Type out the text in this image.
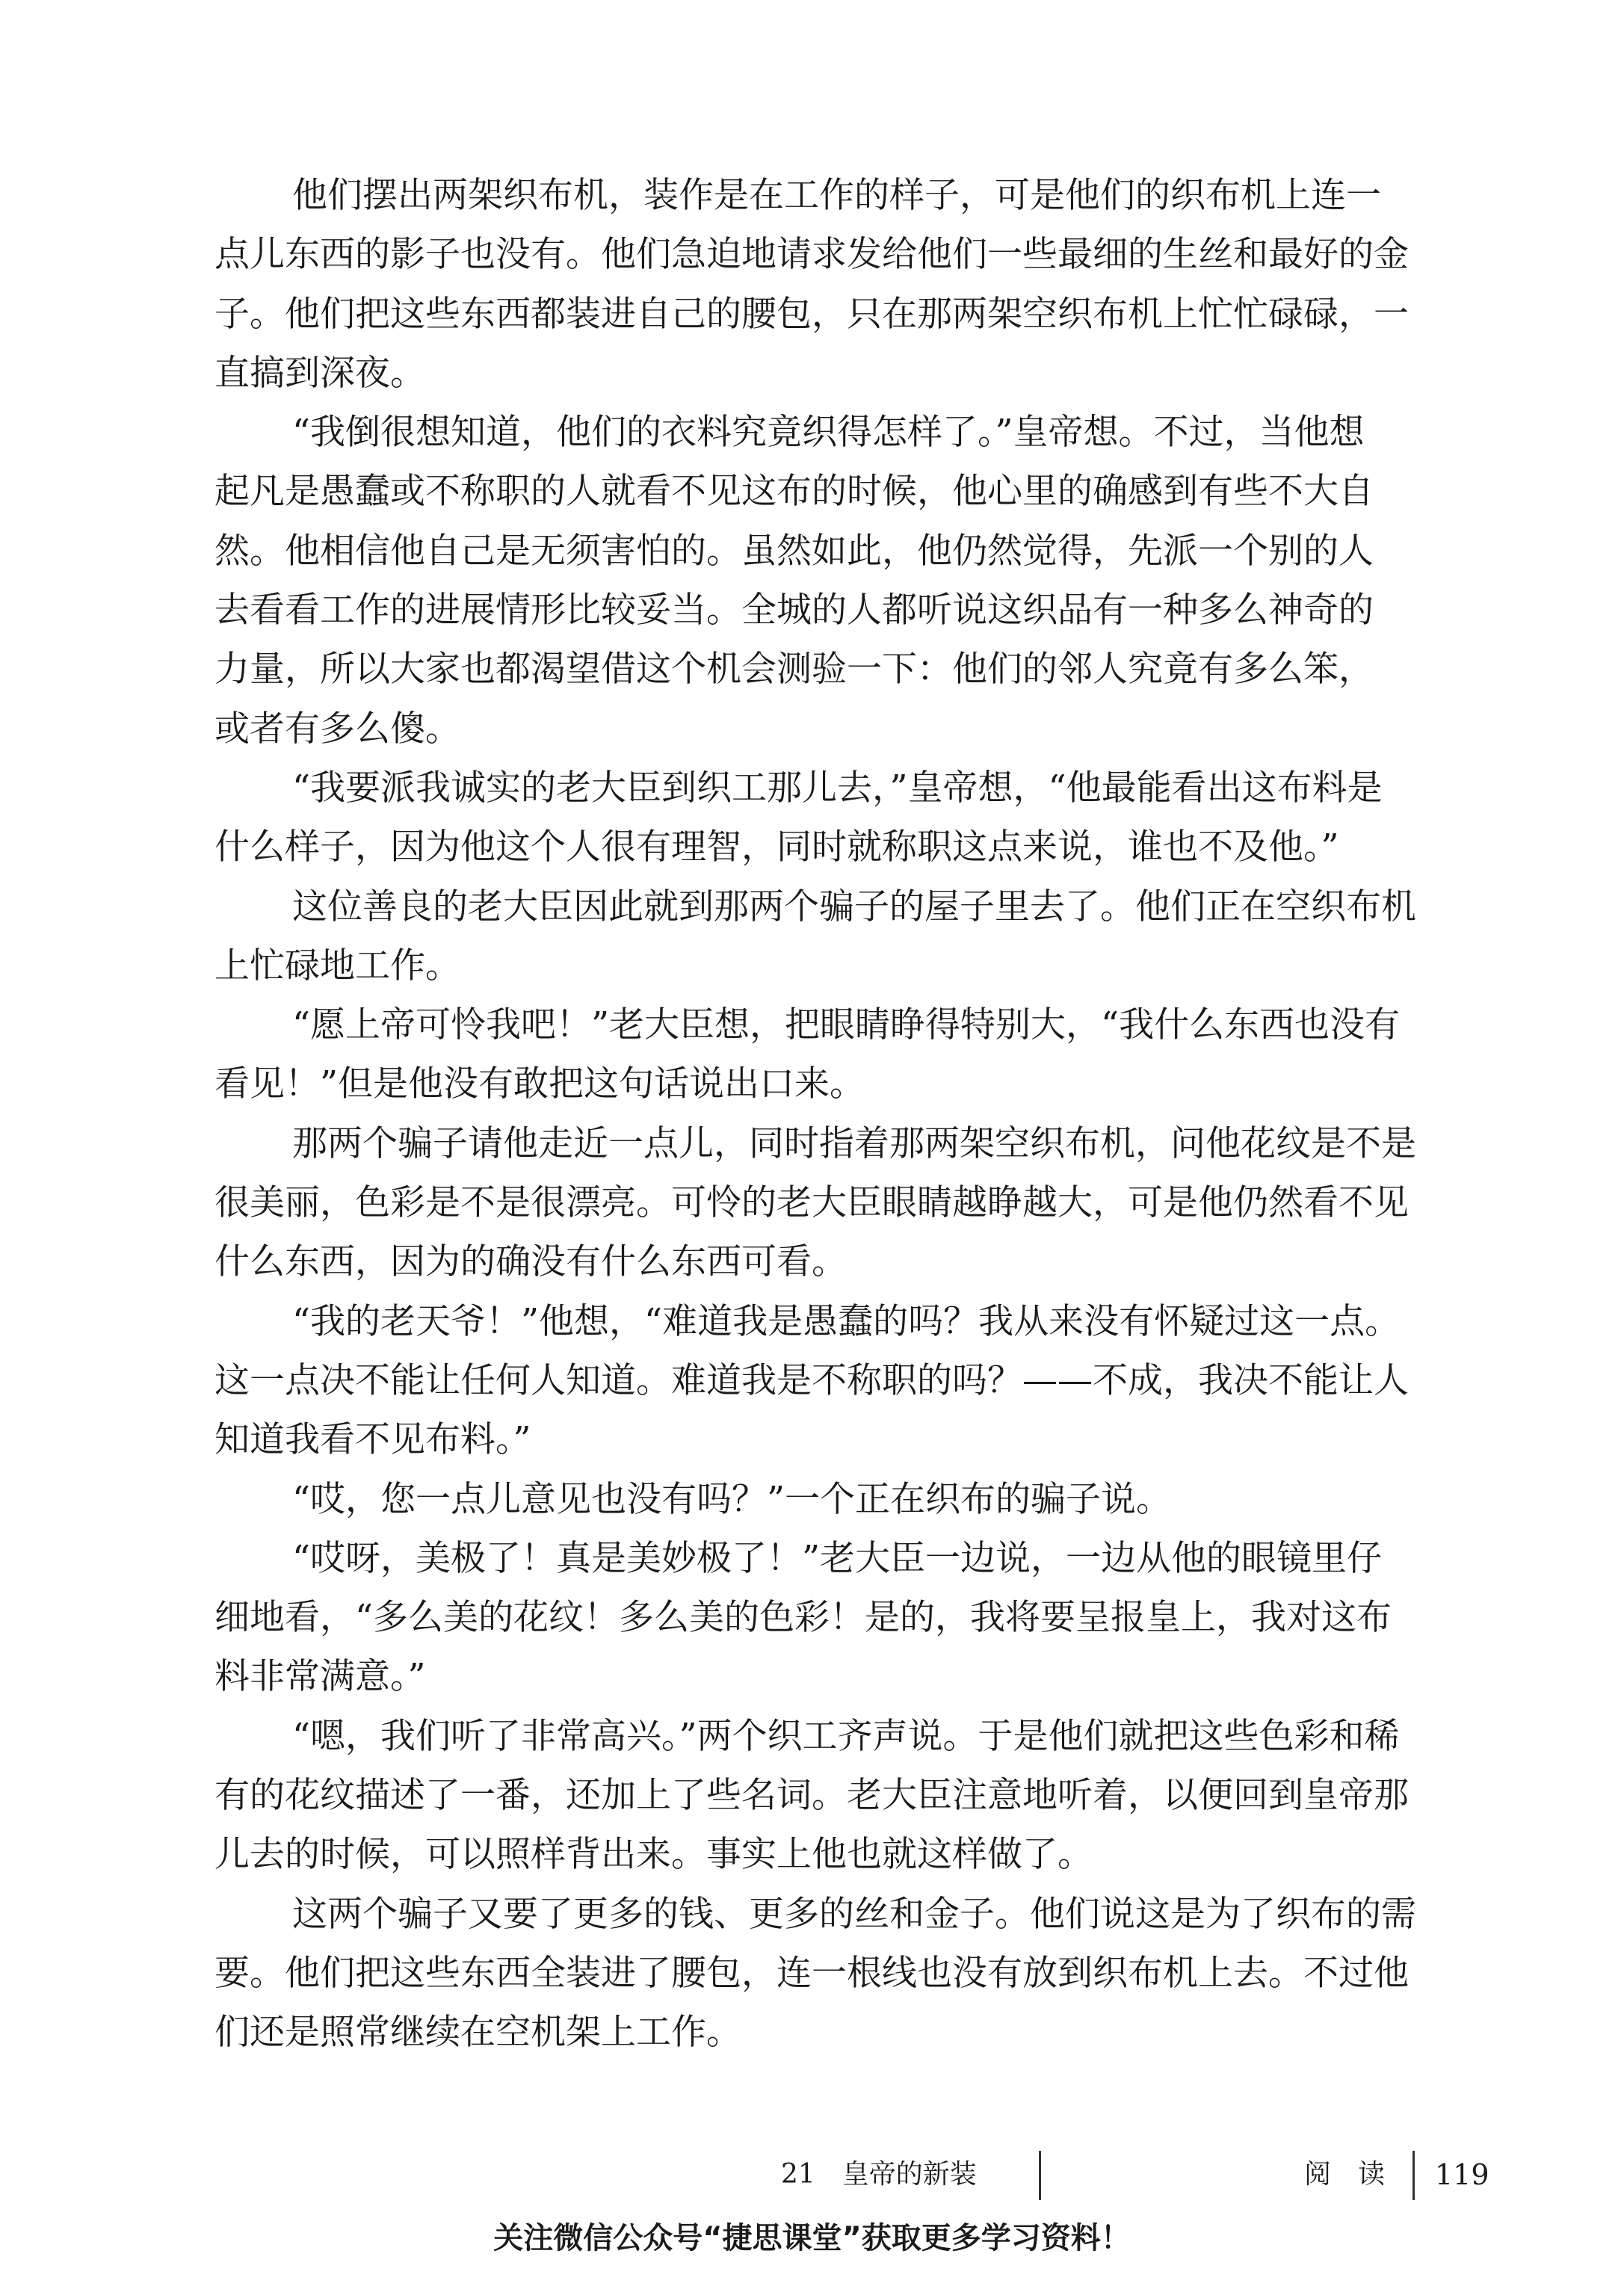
他们摆出两架织布机，装作是在工作的样子，可是他们的织布机上连一
点儿东西的影子也没有。他们急迫地请求发给他们一些最细的生丝和最好的金
子。他们把这些东西都装进自己的腰包，只在那两架空织布机上忙忙碌碌，一
直搞到深夜。
“我倒很想知道，他们的衣料究竟织得怎样了。”皇帝想。不过，当他想
起凡是愚蠢或不称职的人就看不见这布的时候，他心里的确感到有些不大自
然。他相信他自己是无须害怕的。虽然如此，他仍然觉得，先派一个别的人
去看看工作的进展情形比较妥当。全城的人都听说这织品有一种多么神奇的
力量，所以大家也都渴望借这个机会测验一下：他们的邻人究竟有多么笨，
或者有多么傻。
“我要派我诚实的老大臣到织工那儿去，”皇帝想，“他最能看出这布料是
什么样子，因为他这个人很有理智，同时就称职这点来说，谁也不及他。”
这位善良的老大臣因此就到那两个骗子的屋子里去了。他们正在空织布机
上忙碌地工作。
“愿上帝可怜我吧！”老大臣想，把眼睛睁得特别大，“我什么东西也没有
看见！”但是他没有敢把这句话说出口来。
那两个骗子请他走近一点儿，同时指着那两架空织布机，问他花纹是不是
很美丽，色彩是不是很漂亮。可怜的老大臣眼睛越睁越大，可是他仍然看不见
什么东西，因为的确没有什么东西可看。
“我的老天爷！”他想，“难道我是愚蠢的吗？我从来没有怀疑过这一点。
这一点决不能让任何人知道。难道我是不称职的吗？——不成，我决不能让人
知道我看不见布料。”
“哎，您一点儿意见也没有吗？”一个正在织布的骗子说。
“哎呀，美极了！真是美妙极了！”老大臣一边说，一边从他的眼镜里仔
细地看，“多么美的花纹！多么美的色彩！是的，我将要呈报皇上，我对这布
料非常满意。”
“嗯，我们听了非常高兴。”两个织工齐声说。于是他们就把这些色彩和稀
有的花纹描述了一番，还加上了些名词。老大臣注意地听着，以便回到皇帝那
儿去的时候，可以照样背出来。事实上他也就这样做了。
这两个骗子又要了更多的钱、更多的丝和金子。他们说这是为了织布的需
要。他们把这些东西全装进了腰包，连一根线也没有放到织布机上去。不过他
们还是照常继续在空机架上工作。
21　皇帝的新装	阅　读 119
关注微信公众号“捷思课堂”获取更多学习资料！
